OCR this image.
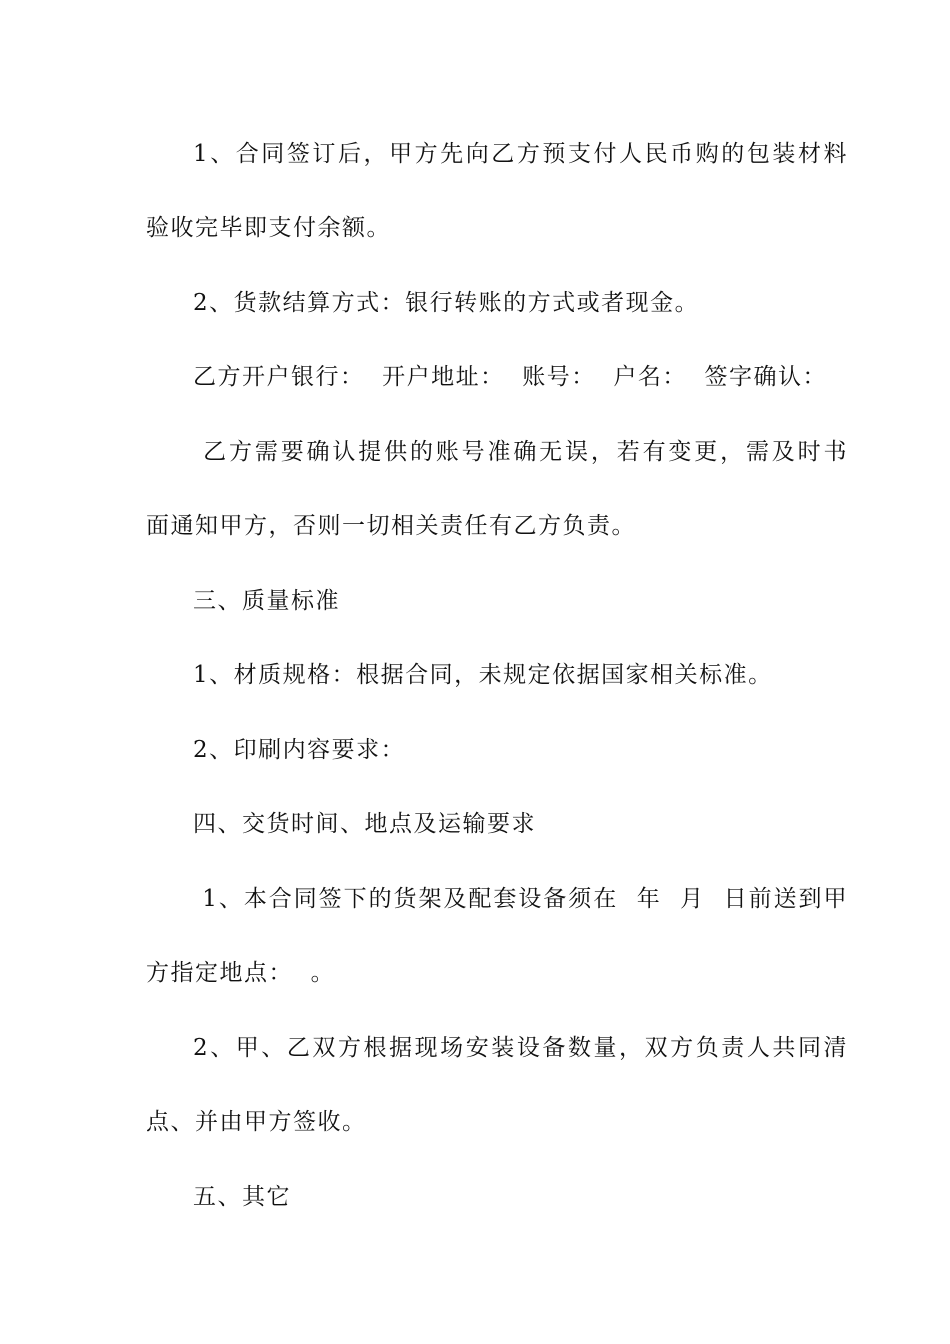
1、合同签订后，甲方先向乙方预支付人民币购的包装材料
验收完毕即支付余额。
2、货款结算方式：银行转账的方式或者现金。
乙方开户银行：  开户地址：  账号：  户名：  签字确认：
乙方需要确认提供的账号准确无误，若有变更，需及时书
面通知甲方，否则一切相关责任有乙方负责。
三、质量标准
1、材质规格：根据合同，未规定依据国家相关标准。
2、印刷内容要求：
四、交货时间、地点及运输要求
1、本合同签下的货架及配套设备须在  年  月  日前送到甲
方指定地点：  。
2、甲、乙双方根据现场安装设备数量，双方负责人共同清
点、并由甲方签收。
五、其它
